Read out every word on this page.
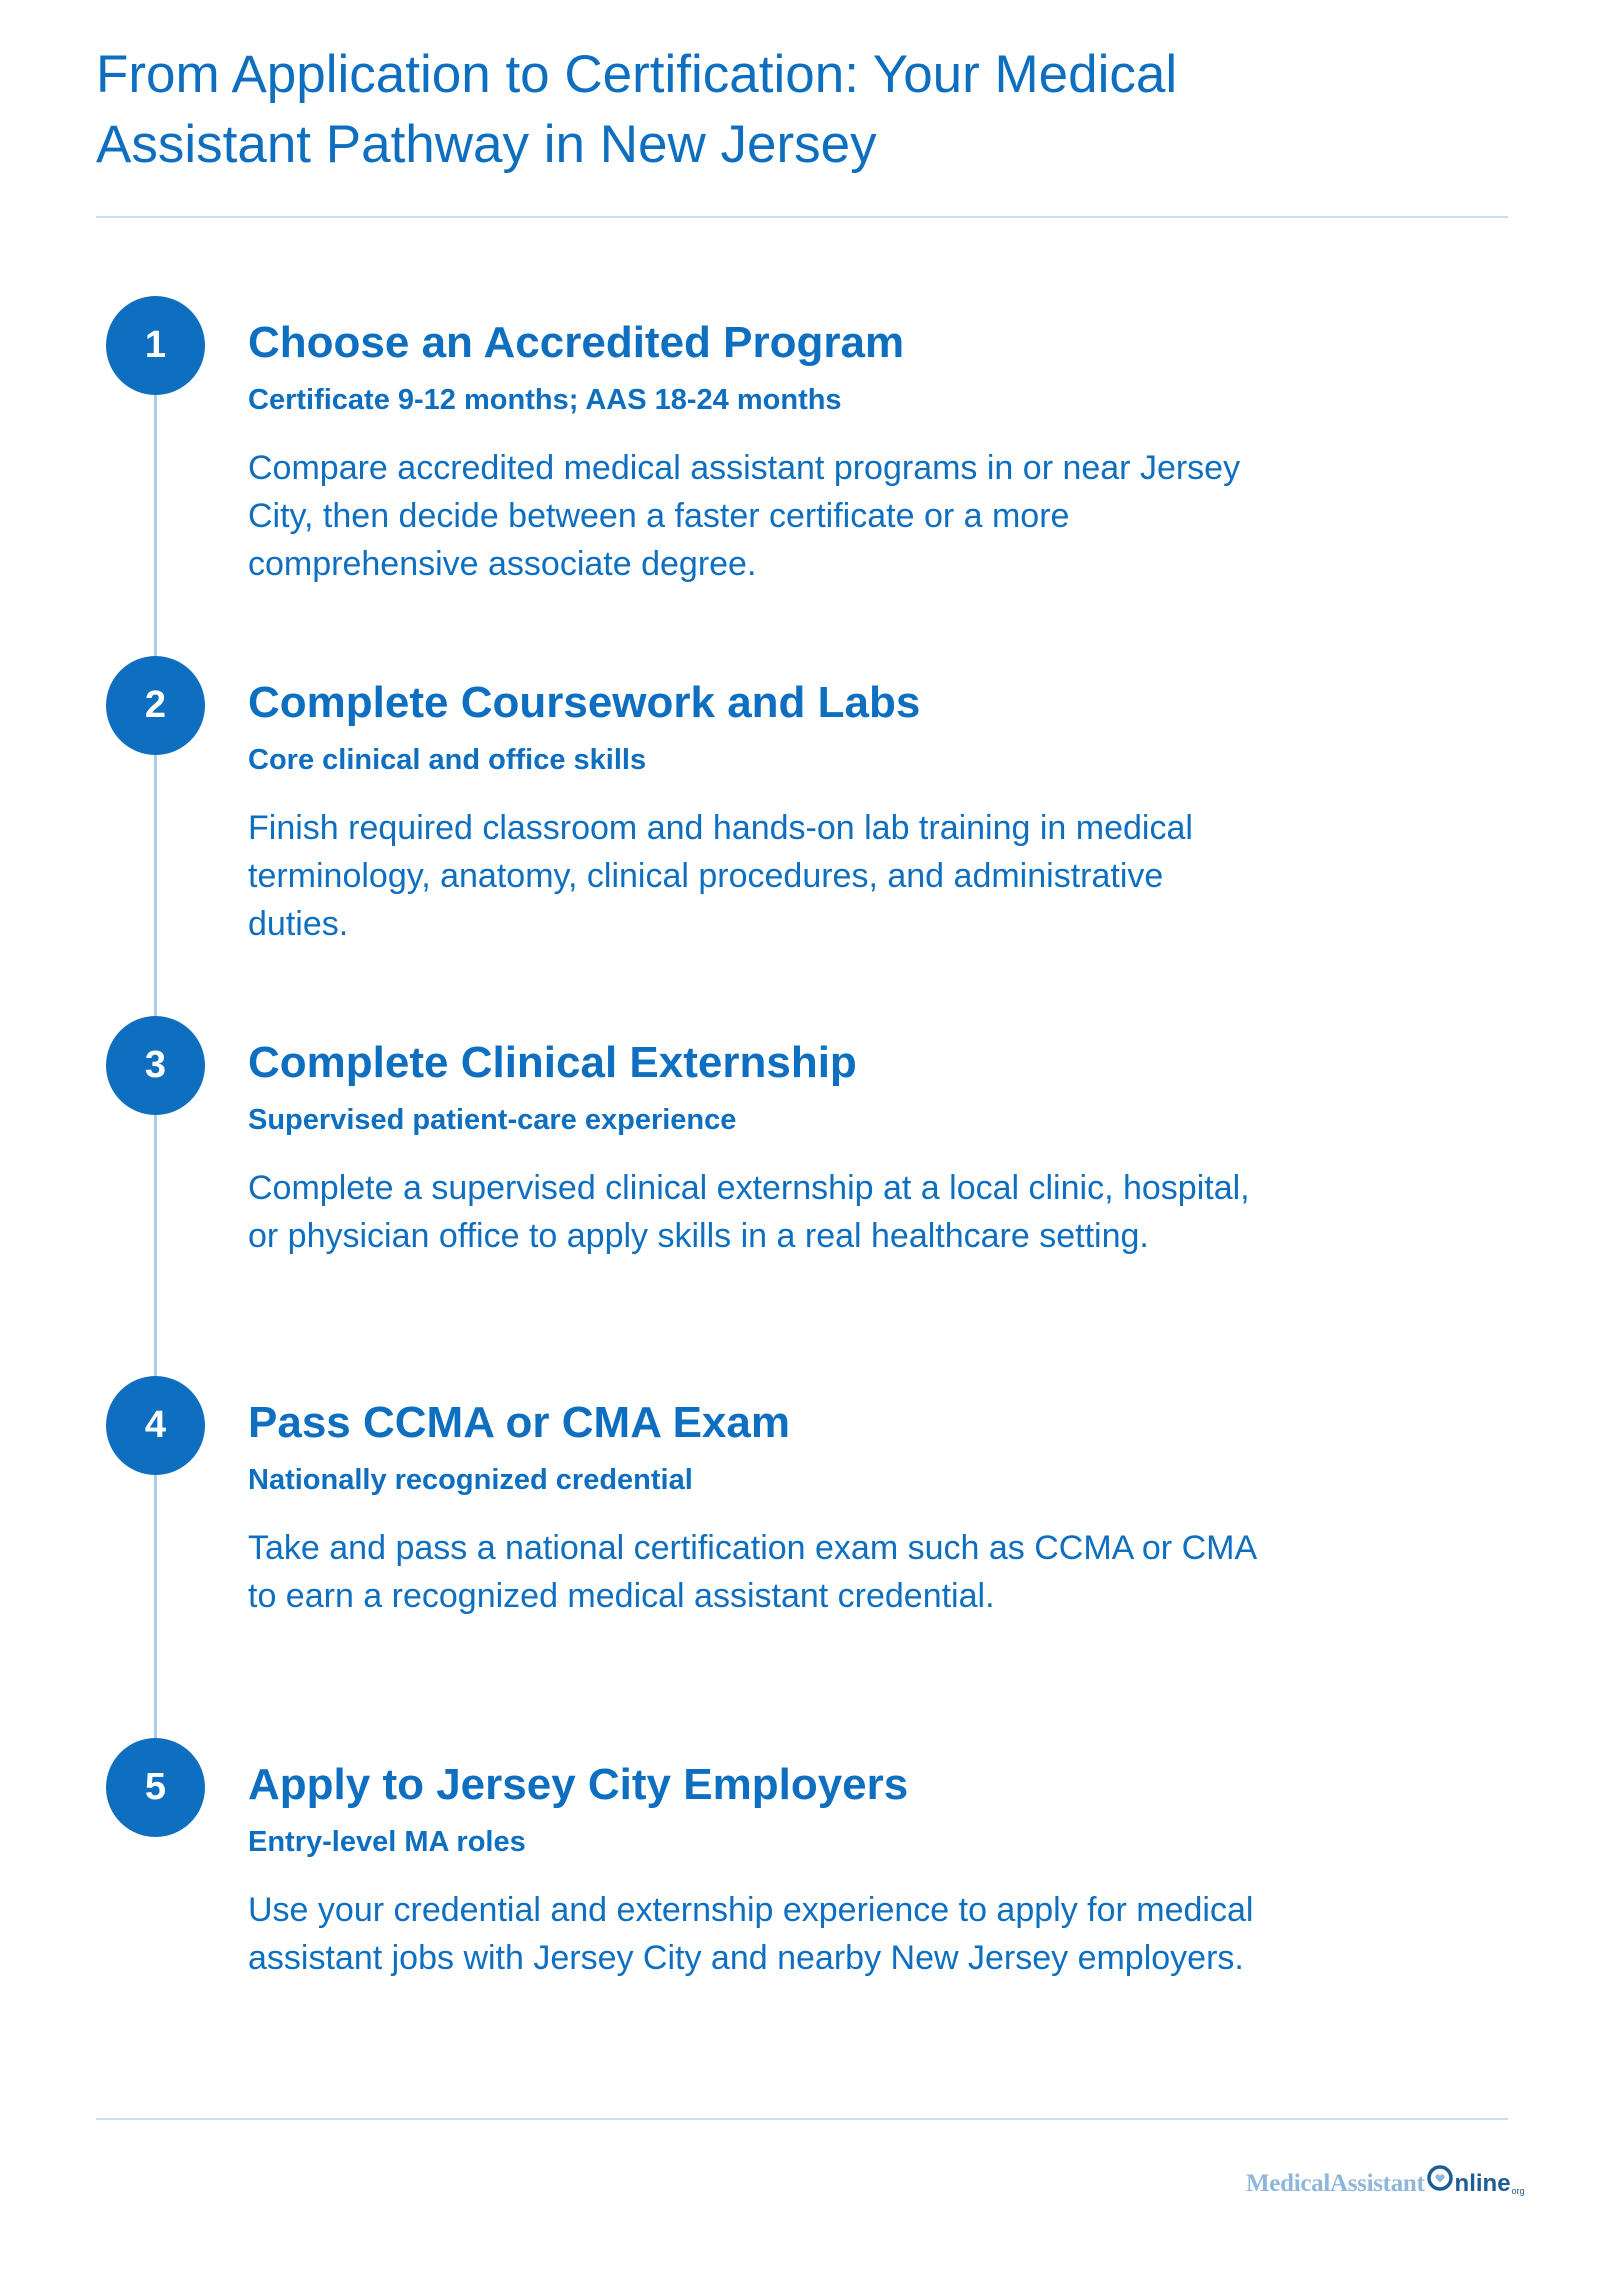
From Application to Certification: Your Medical Assistant Pathway in New Jersey
1	Choose an Accredited Program
Certificate 9-12 months; AAS 18-24 months
Compare accredited medical assistant programs in or near Jersey City, then decide between a faster certificate or a more comprehensive associate degree.
2	Complete Coursework and Labs
Core clinical and office skills
Finish required classroom and hands-on lab training in medical terminology, anatomy, clinical procedures, and administrative duties.
3	Complete Clinical Externship
Supervised patient-care experience
Complete a supervised clinical externship at a local clinic, hospital, or physician office to apply skills in a real healthcare setting.
4	Pass CCMA or CMA Exam
Nationally recognized credential
Take and pass a national certification exam such as CCMA or CMA to earn a recognized medical assistant credential.
5	Apply to Jersey City Employers
Entry-level MA roles
Use your credential and externship experience to apply for medical assistant jobs with Jersey City and nearby New Jersey employers.
MedicalAssistant nline org
